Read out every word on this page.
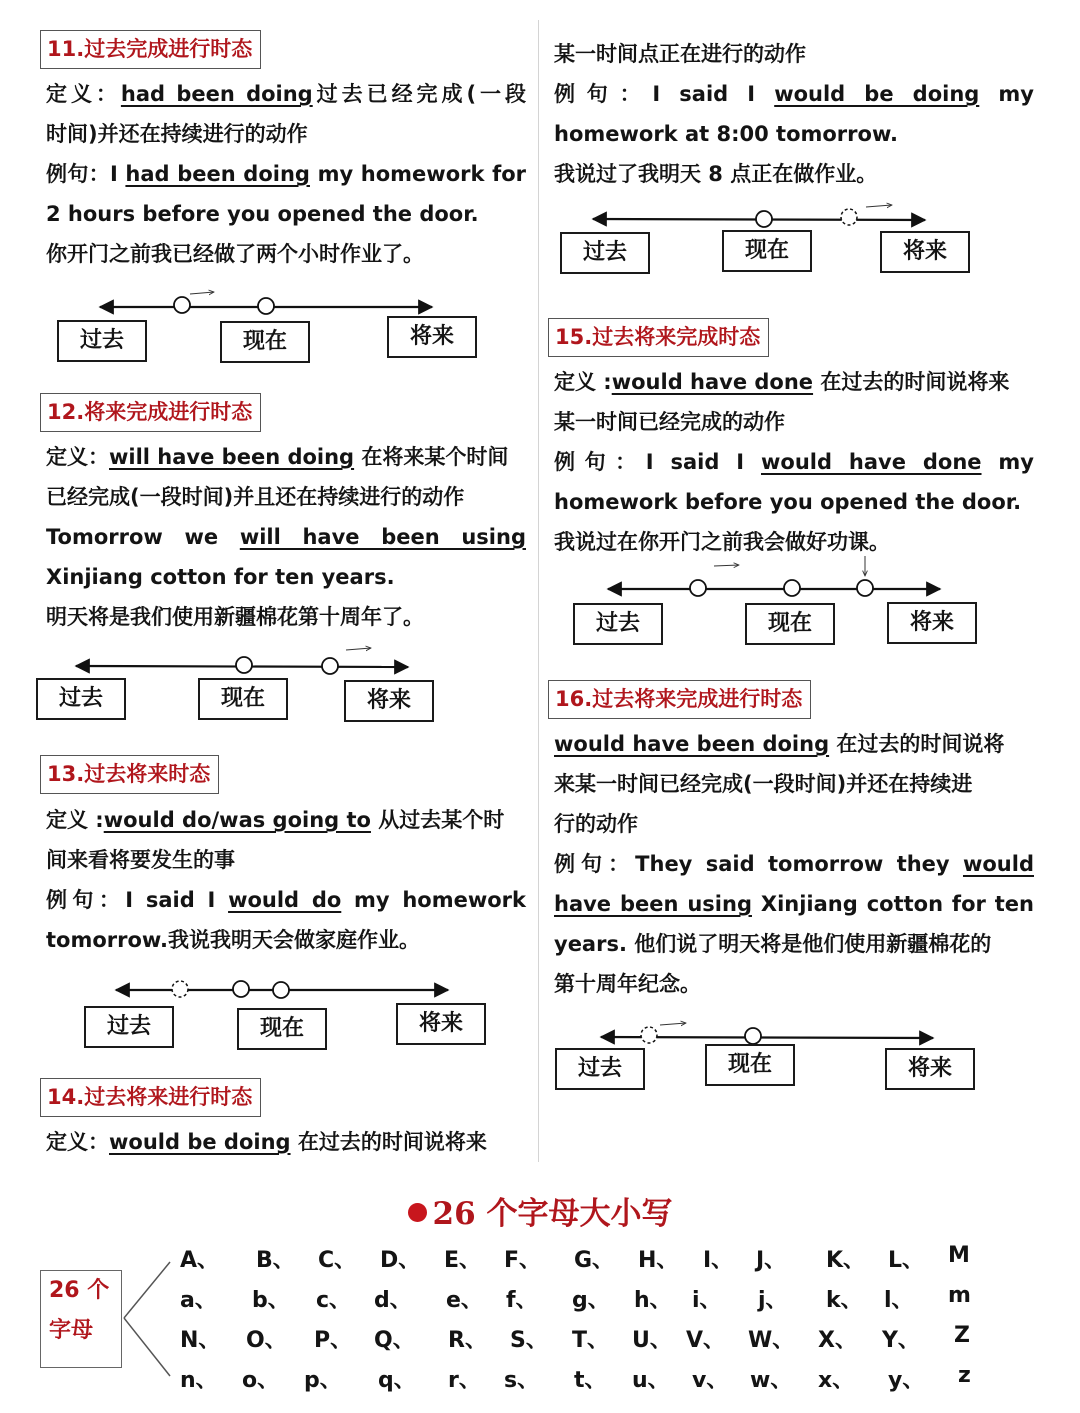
11.过去完成进行时态

定义：had been doing过去已经完成(一段

时间)并还在持续进行的动作

例句：I had been doing my homework for

2 hours before you opened the door.

你开门之前我已经做了两个小时作业了。

过去	现在	将来
12.将来完成进行时态

定义：will have been doing 在将来某个时间

已经完成(一段时间)并且还在持续进行的动作

Tomorrow we will have been using

Xinjiang cotton for ten years.

明天将是我们使用新疆棉花第十周年了。

过去	现在	将来
13.过去将来时态

定义 :would do/was going to 从过去某个时

间来看将要发生的事

例句：I said I would do my homework

tomorrow.我说我明天会做家庭作业。

过去	现在	将来
14.过去将来进行时态

定义：would be doing 在过去的时间说将来

某一时间点正在进行的动作

例句：I said I would be doing my

homework at 8:00 tomorrow.

我说过了我明天 8 点正在做作业。

过去	现在	将来
15.过去将来完成时态

定义 :would have done 在过去的时间说将来

某一时间已经完成的动作

例句：I said I would have done my

homework before you opened the door.

我说过在你开门之前我会做好功课。

过去	现在	将来
16.过去将来完成进行时态

would have been doing 在过去的时间说将

来某一时间已经完成(一段时间)并还在持续进

行的动作

例句：They said tomorrow they would

have been using Xinjiang cotton for ten

years. 他们说了明天将是他们使用新疆棉花的

第十周年纪念。

过去	现在	将来
26 个字母大小写
26 个
字母
A、 B、 C、 D、 E、 F、 G、 H、 I、 J、 K、 L、 M
a、 b、 c、 d、 e、 f、 g、 h、 i、 j、 k、 l、 m
N、 O、 P、 Q、 R、 S、 T、 U、 V、 W、 X、 Y、 Z
n、 o、 p、 q、 r、 s、 t、 u、 v、 w、 x、 y、 z
